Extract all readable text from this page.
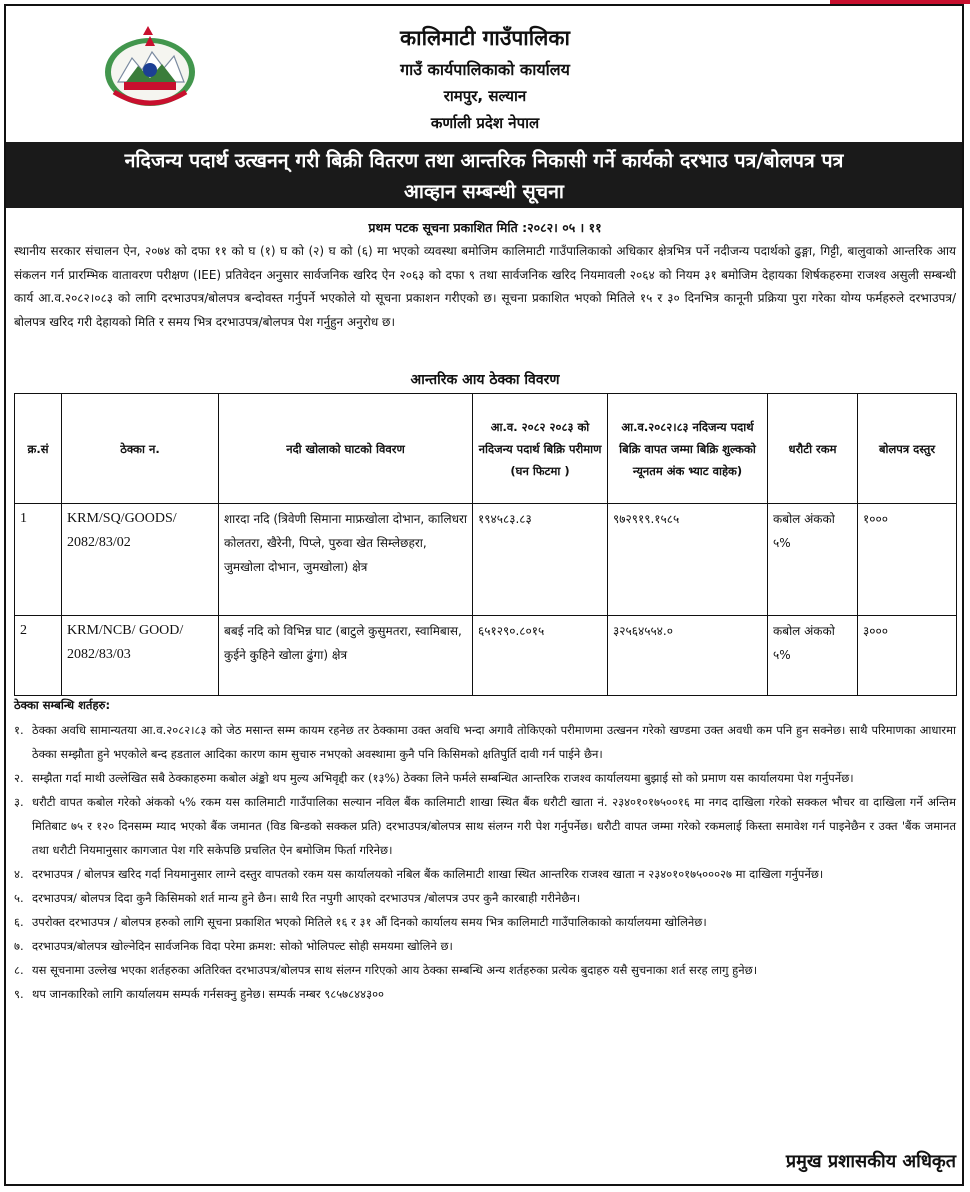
कालिमाटी गाउँपालिका
गाउँ कार्यपालिकाको कार्यालय
रामपुर, सल्यान
कर्णाली प्रदेश नेपाल
नदिजन्य पदार्थ उत्खनन् गरी बिक्री वितरण तथा आन्तरिक निकासी गर्ने कार्यको दरभाउ पत्र/बोलपत्र पत्र
आव्हान सम्बन्धी सूचना
प्रथम पटक सूचना प्रकाशित मिति :२०८२। ०५ । ११
स्थानीय सरकार संचालन ऐन, २०७४ को दफा ११ को घ (१) घ को (२) घ को (६) मा भएको व्यवस्था बमोजिम कालिमाटी गाउँपालिकाको अधिकार क्षेत्रभित्र पर्ने नदीजन्य पदार्थको ढुङ्गा, गिट्टी, बालुवाको आन्तरिक आय संकलन गर्न प्रारम्भिक वातावरण परीक्षण (IEE) प्रतिवेदन अनुसार सार्वजनिक खरिद ऐन २०६३ को दफा ९ तथा सार्वजनिक खरिद नियमावली २०६४ को नियम ३१ बमोजिम देहायका शिर्षकहरुमा राजश्व असुली सम्बन्धी कार्य आ.व.२०८२।०८३ को लागि दरभाउपत्र/बोलपत्र बन्दोवस्त गर्नुपर्ने भएकोले यो सूचना प्रकाशन गरीएको छ। सूचना प्रकाशित भएको मितिले १५ र ३० दिनभित्र कानूनी प्रक्रिया पुरा गरेका योग्य फर्महरुले दरभाउपत्र/बोलपत्र खरिद गरी देहायको मिति र समय भित्र दरभाउपत्र/बोलपत्र पेश गर्नुहुन अनुरोध छ।
आन्तरिक आय ठेक्का विवरण
क्र.सं	ठेक्का न.	नदी खोलाको घाटको विवरण	आ.व. २०८२ २०८३ को नदिजन्य पदार्थ बिक्रि परीमाण (घन फिटमा )	आ.व.२०८२।८३ नदिजन्य पदार्थ बिक्रि वापत जम्मा बिक्रि शुल्कको न्यूनतम अंक भ्याट वाहेक)	धरौटी रकम	बोलपत्र दस्तुर
1	KRM/SQ/GOODS/ 2082/83/02	शारदा नदि (त्रिवेणी सिमाना माफ्रखोला दोभान, कालिधरा कोलतरा, खैरेनी, पिप्ले, पुरुवा खेत सिम्लेछहरा, जुमखोला दोभान, जुमखोला) क्षेत्र	१९४५८३.८३	९७२९१९.१५८५	कबोल अंकको ५%	१०००
2	KRM/NCB/ GOOD/ 2082/83/03	बबई नदि को विभिन्न घाट (बाटुले कुसुमतरा, स्वामिबास, कुईने कुहिने खोला ढुंगा) क्षेत्र	६५१२९०.८०१५	३२५६४५५४.०	कबोल अंकको ५%	३०००
ठेक्का सम्बन्धि शर्तहरु:
१. ठेक्का अवधि सामान्यतया आ.व.२०८२।८३ को जेठ मसान्त सम्म कायम रहनेछ तर ठेक्कामा उक्त अवधि भन्दा अगावै तोकिएको परीमाणमा उत्खनन गरेको खण्डमा उक्त अवधी कम पनि हुन सक्नेछ। साथै परिमाणका आधारमा ठेक्का सम्झौता हुने भएकोले बन्द हडताल आदिका कारण काम सुचारु नभएको अवस्थामा कुनै पनि किसिमको क्षतिपुर्ति दावी गर्न पाईने छैन।
२. सम्झैता गर्दा माथी उल्लेखित सबै ठेक्काहरुमा कबोल अंङ्को थप मुल्य अभिवृद्दी कर (१३%) ठेक्का लिने फर्मले सम्बन्धित आन्तरिक राजश्व कार्यालयमा बुझाई सो को प्रमाण यस कार्यालयमा पेश गर्नुपर्नेछ।
३. धरौटी वापत कबोल गरेको अंकको ५% रकम यस कालिमाटी गाउँपालिका सल्यान नविल बैंक कालिमाटी शाखा स्थित बैंक धरौटी खाता नं. २३४०१०१७५००१६ मा नगद दाखिला गरेको सक्कल भौचर वा दाखिला गर्ने अन्तिम मितिबाट ७५ र १२० दिनसम्म म्याद भएको बैंक जमानत (विड बिन्डको सक्कल प्रति) दरभाउपत्र/बोलपत्र साथ संलग्न गरी पेश गर्नुपर्नेछ। धरौटी वापत जम्मा गरेको रकमलाई किस्ता समावेश गर्न पाइनेछैन र उक्त 'बैंक जमानत तथा धरौटी नियमानुसार कागजात पेश गरि सकेपछि प्रचलित ऐन बमोजिम फिर्ता गरिनेछ।
४. दरभाउपत्र / बोलपत्र खरिद गर्दा नियमानुसार लाग्ने दस्तुर वापतको रकम यस कार्यालयको नबिल बैंक कालिमाटी शाखा स्थित आन्तरिक राजश्व खाता न २३४०१०१७५०००२७ मा दाखिला गर्नुपर्नेछ।
५. दरभाउपत्र/ बोलपत्र दिदा कुनै किसिमको शर्त मान्य हुने छैन। साथै रित नपुगी आएको दरभाउपत्र /बोलपत्र उपर कुनै कारबाही गरीनेछैन।
६. उपरोक्त दरभाउपत्र / बोलपत्र हरुको लागि सूचना प्रकाशित भएको मितिले १६ र ३१ औं दिनको कार्यालय समय भित्र कालिमाटी गाउँपालिकाको कार्यालयमा खोलिनेछ।
७. दरभाउपत्र/बोलपत्र खोल्नेदिन सार्वजनिक विदा परेमा क्रमश: सोको भोलिपल्ट सोही समयमा खोलिने छ।
८. यस सूचनामा उल्लेख भएका शर्तहरुका अतिरिक्त दरभाउपत्र/बोलपत्र साथ संलग्न गरिएको आय ठेक्का सम्बन्धि अन्य शर्तहरुका प्रत्येक बुदाहरु यसै सुचनाका शर्त सरह लागु हुनेछ।
९. थप जानकारिको लागि कार्यालयम सम्पर्क गर्नसक्नु हुनेछ। सम्पर्क नम्बर ९८५७८४४३००
प्रमुख प्रशासकीय अधिकृत
